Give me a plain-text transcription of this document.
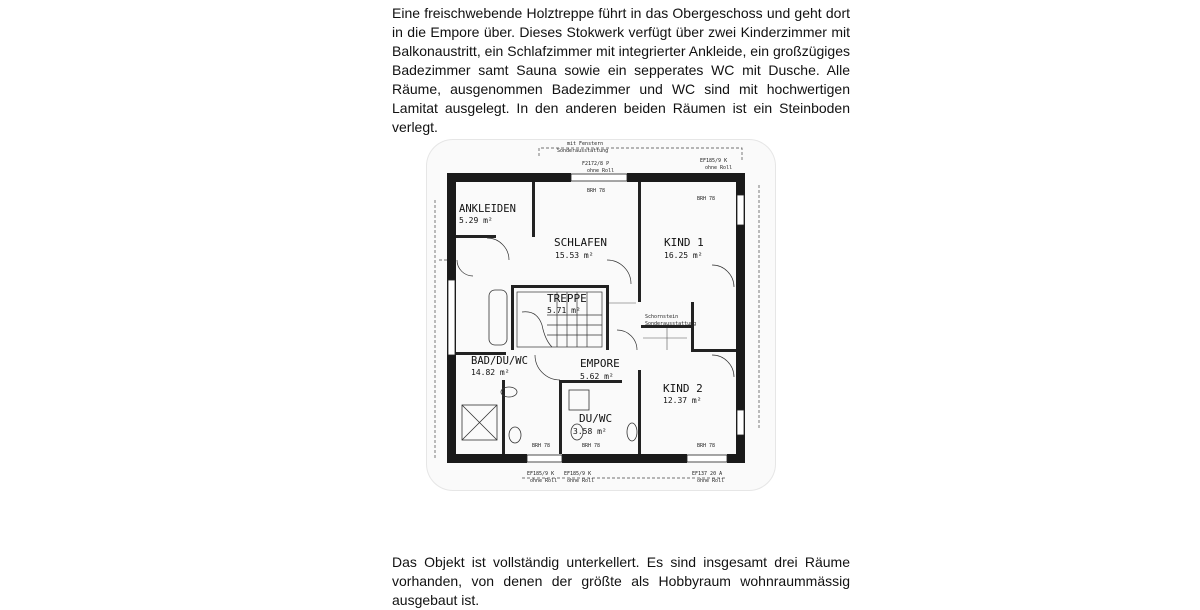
Eine freischwebende Holztreppe führt in das Obergeschoss und geht dort in die Empore über. Dieses Stokwerk verfügt über zwei Kinderzimmer mit Balkonaustritt, ein Schlafzimmer mit integrierter Ankleide, ein großzügiges Badezimmer samt Sauna sowie ein sepperates WC mit Dusche. Alle Räume, ausgenommen Badezimmer und WC sind mit hochwertigen Lamitat ausgelegt. In den anderen beiden Räumen ist ein Steinboden verlegt.

mit Fenstern
Sonderausstattung
F2172/8 P
ohne Roll
EF185/9 K
ohne Roll
ANKLEIDEN
5.29 m²
SCHLAFEN
15.53 m²
KIND 1
16.25 m²
TREPPE
5.71 m²
BAD/DU/WC
14.82 m²
EMPORE
5.62 m²
KIND 2
12.37 m²
DU/WC
3.58 m²
BRH 78
BRH 78
BRH 78	BRH 78	BRH 78
Schornstein
Sonderausstattung
EF185/9 K
ohne Roll
EF185/9 K
ohne Roll
EF137 20 A
ohne Roll

Das Objekt ist vollständig unterkellert. Es sind insgesamt drei Räume vorhanden, von denen der größte als Hobbyraum wohnraummässig ausgebaut ist.
